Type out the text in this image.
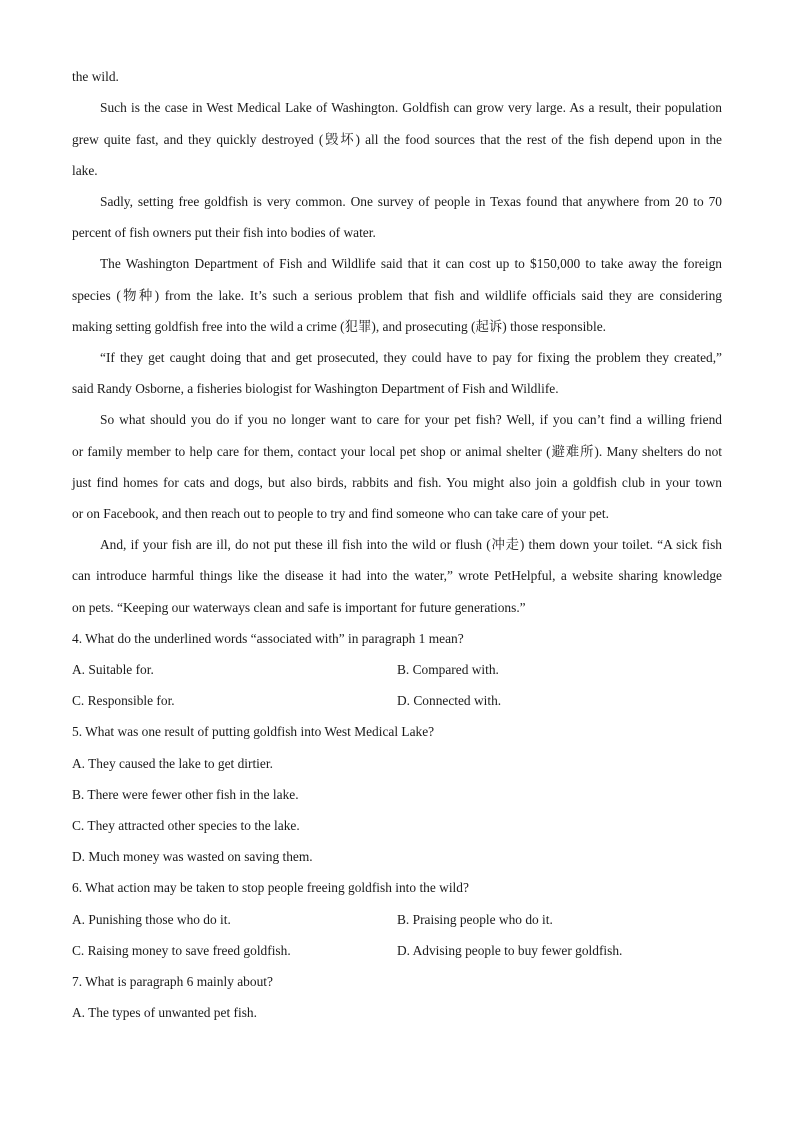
the wild.
Such is the case in West Medical Lake of Washington. Goldfish can grow very large. As a result, their population
grew quite fast, and they quickly destroyed (毁坏) all the food sources that the rest of the fish depend upon in the
lake.
Sadly, setting free goldfish is very common. One survey of people in Texas found that anywhere from 20 to 70
percent of fish owners put their fish into bodies of water.
The Washington Department of Fish and Wildlife said that it can cost up to $150,000 to take away the foreign
species (物种) from the lake. It’s such a serious problem that fish and wildlife officials said they are considering
making setting goldfish free into the wild a crime (犯罪), and prosecuting (起诉) those responsible.
“If they get caught doing that and get prosecuted, they could have to pay for fixing the problem they created,”
said Randy Osborne, a fisheries biologist for Washington Department of Fish and Wildlife.
So what should you do if you no longer want to care for your pet fish? Well, if you can’t find a willing friend
or family member to help care for them, contact your local pet shop or animal shelter (避难所). Many shelters do not
just find homes for cats and dogs, but also birds, rabbits and fish. You might also join a goldfish club in your town
or on Facebook, and then reach out to people to try and find someone who can take care of your pet.
And, if your fish are ill, do not put these ill fish into the wild or flush (冲走) them down your toilet. “A sick fish
can introduce harmful things like the disease it had into the water,” wrote PetHelpful, a website sharing knowledge
on pets. “Keeping our waterways clean and safe is important for future generations.”
4. What do the underlined words “associated with” in paragraph 1 mean?
A. Suitable for.	B. Compared with.
C. Responsible for.	D. Connected with.
5. What was one result of putting goldfish into West Medical Lake?
A. They caused the lake to get dirtier.
B. There were fewer other fish in the lake.
C. They attracted other species to the lake.
D. Much money was wasted on saving them.
6. What action may be taken to stop people freeing goldfish into the wild?
A. Punishing those who do it.	B. Praising people who do it.
C. Raising money to save freed goldfish.	D. Advising people to buy fewer goldfish.
7. What is paragraph 6 mainly about?
A. The types of unwanted pet fish.
